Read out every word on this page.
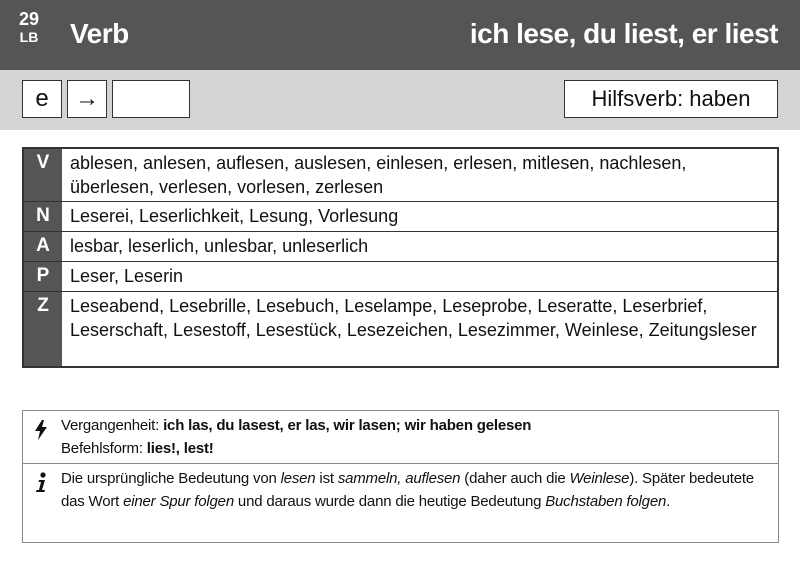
29
LB Verb	ich lese, du liest, er liest
e	→	Hilfsverb: haben
V	ablesen, anlesen, auflesen, auslesen, einlesen, erlesen, mitlesen, nachlesen, überlesen, verlesen, vorlesen, zerlesen
N	Leserei, Leserlichkeit, Lesung, Vorlesung
A	lesbar, leserlich, unlesbar, unleserlich
P	Leser, Leserin
Z	Leseabend, Lesebrille, Lesebuch, Leselampe, Leseprobe, Leseratte, Leserbrief, Leserschaft, Lesestoff, Lesestück, Lesezeichen, Lesezimmer, Weinlese, Zeitungsleser
Vergangenheit: ich las, du lasest, er las, wir lasen; wir haben gelesen
Befehlsform: lies!, lest!
Die ursprüngliche Bedeutung von lesen ist sammeln, auflesen (daher auch die Weinlese). Später bedeutete das Wort einer Spur folgen und daraus wurde dann die heutige Bedeutung Buchstaben folgen.
